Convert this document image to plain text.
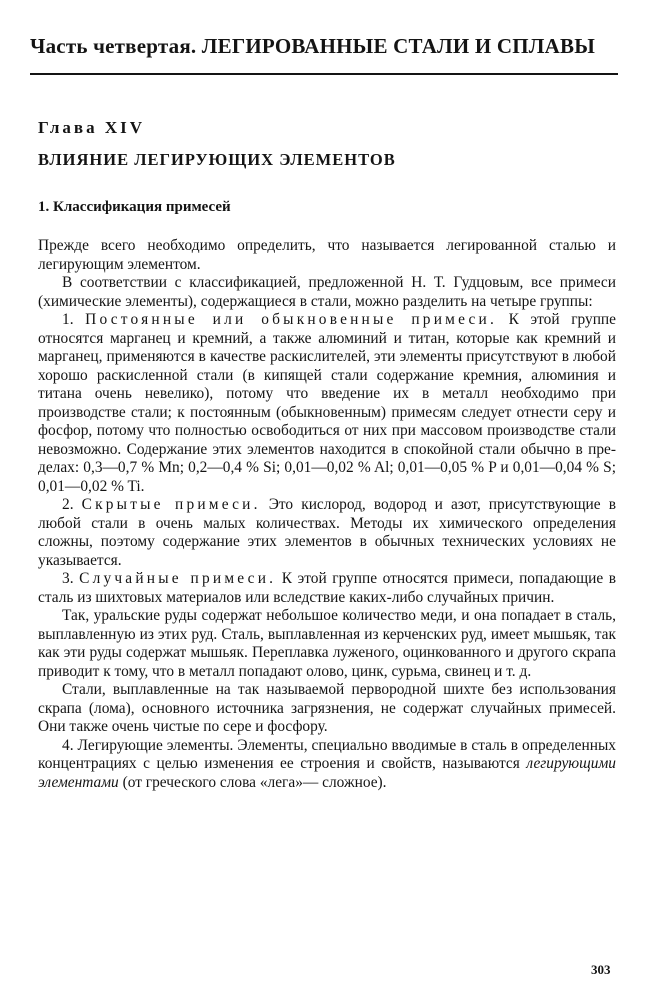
Часть четвертая. ЛЕГИРОВАННЫЕ СТАЛИ И СПЛАВЫ
Глава XIV
ВЛИЯНИЕ ЛЕГИРУЮЩИХ ЭЛЕМЕНТОВ
1. Классификация примесей

Прежде всего необходимо определить, что называется легированной сталью и легирующим элементом.

В соответствии с классификацией, предложенной Н. Т. Гудцовым, все примеси (химические элементы), содержащиеся в стали, можно разделить на четыре группы:

1. Постоянные или обыкновенные примеси. К этой группе относятся марганец и кремний, а также алюминий и титан, которые как кремний и марганец, применяются в качестве раскислителей, эти элементы присутствуют в любой хорошо раскисленной стали (в кипящей стали содержание кремния, алюминия и титана очень невелико), потому что введение их в металл необходимо при производстве стали; к постоянным (обыкновенным) примесям следует отнести серу и фосфор, потому что полностью освободиться от них при массовом производстве стали невозможно. Содержание этих элементов находится в спокойной стали обычно в пределах: 0,3—0,7 % Mn; 0,2—0,4 % Si; 0,01—0,02 % Al; 0,01—0,05 % P и 0,01—0,04 % S; 0,01—0,02 % Ti.

2. Скрытые примеси. Это кислород, водород и азот, присутствующие в любой стали в очень малых количествах. Методы их химического определения сложны, поэтому содержание этих элементов в обычных технических условиях не указывается.

3. Случайные примеси. К этой группе относятся примеси, попадающие в сталь из шихтовых материалов или вследствие каких-либо случайных причин.

Так, уральские руды содержат небольшое количество меди, и она попадает в сталь, выплавленную из этих руд. Сталь, выплавленная из керченских руд, имеет мышьяк, так как эти руды содержат мышьяк. Переплавка луженого, оцинкованного и другого скрапа приводит к тому, что в металл попадают олово, цинк, сурьма, свинец и т. д.

Стали, выплавленные на так называемой первородной шихте без использования скрапа (лома), основного источника загрязнения, не содержат случайных примесей. Они также очень чистые по сере и фосфору.

4. Легирующие элементы. Элементы, специально вводимые в сталь в определенных концентрациях с целью изменения ее строения и свойств, называются легирующими элементами (от греческого слова «лега»— сложное).

303
